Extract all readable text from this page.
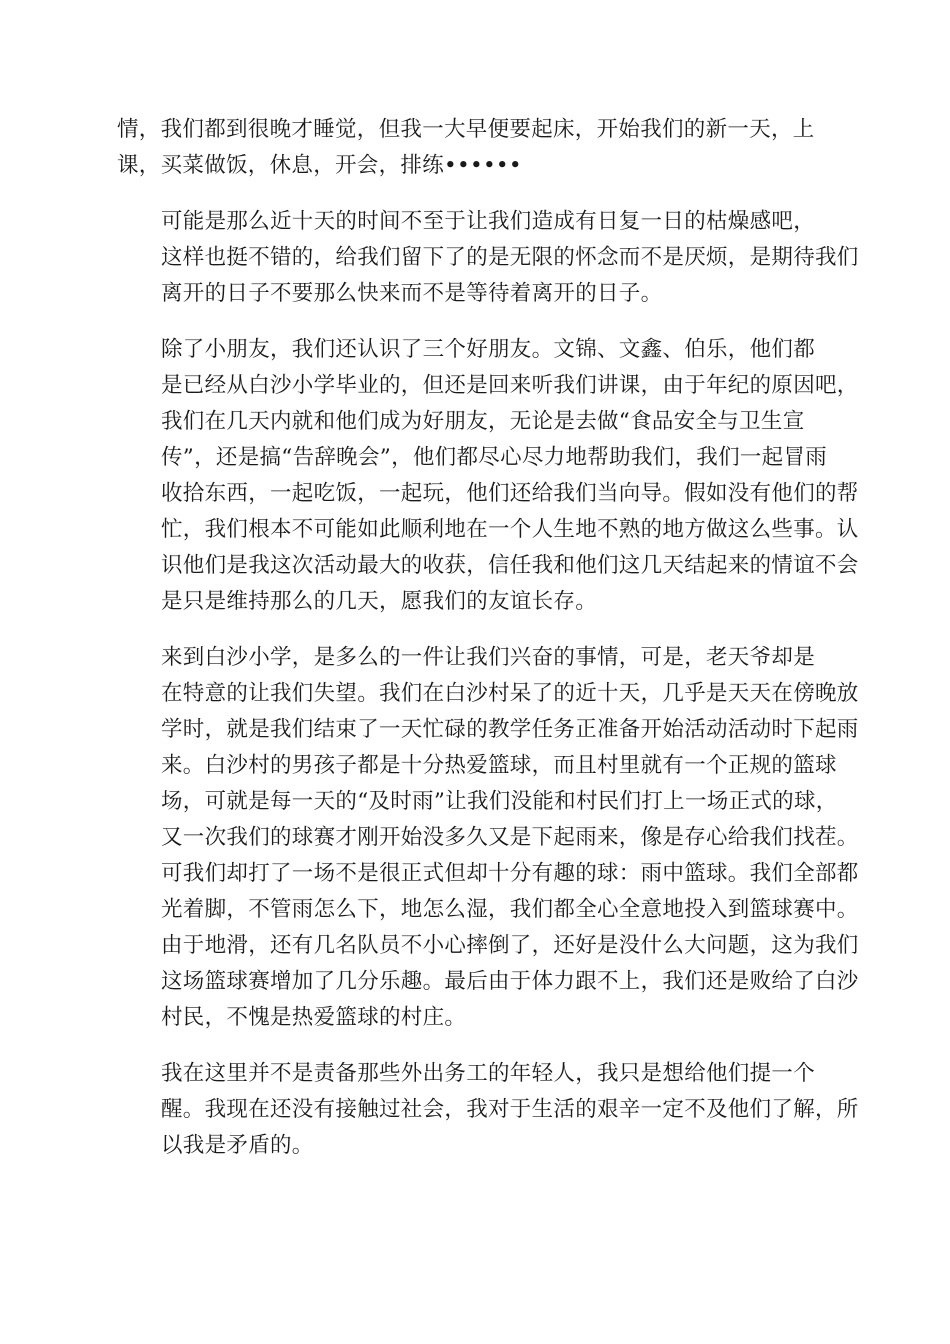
情，我们都到很晚才睡觉，但我一大早便要起床，开始我们的新一天，上
课，买菜做饭，休息，开会，排练••••••

可能是那么近十天的时间不至于让我们造成有日复一日的枯燥感吧，
这样也挺不错的，给我们留下了的是无限的怀念而不是厌烦，是期待我们
离开的日子不要那么快来而不是等待着离开的日子。

除了小朋友，我们还认识了三个好朋友。文锦、文鑫、伯乐，他们都
是已经从白沙小学毕业的，但还是回来听我们讲课，由于年纪的原因吧，
我们在几天内就和他们成为好朋友，无论是去做“食品安全与卫生宣
传”，还是搞“告辞晚会”，他们都尽心尽力地帮助我们，我们一起冒雨
收拾东西，一起吃饭，一起玩，他们还给我们当向导。假如没有他们的帮
忙，我们根本不可能如此顺利地在一个人生地不熟的地方做这么些事。认
识他们是我这次活动最大的收获，信任我和他们这几天结起来的情谊不会
是只是维持那么的几天，愿我们的友谊长存。

来到白沙小学，是多么的一件让我们兴奋的事情，可是，老天爷却是
在特意的让我们失望。我们在白沙村呆了的近十天，几乎是天天在傍晚放
学时，就是我们结束了一天忙碌的教学任务正准备开始活动活动时下起雨
来。白沙村的男孩子都是十分热爱篮球，而且村里就有一个正规的篮球
场，可就是每一天的“及时雨”让我们没能和村民们打上一场正式的球，
又一次我们的球赛才刚开始没多久又是下起雨来，像是存心给我们找茬。
可我们却打了一场不是很正式但却十分有趣的球：雨中篮球。我们全部都
光着脚，不管雨怎么下，地怎么湿，我们都全心全意地投入到篮球赛中。
由于地滑，还有几名队员不小心摔倒了，还好是没什么大问题，这为我们
这场篮球赛增加了几分乐趣。最后由于体力跟不上，我们还是败给了白沙
村民，不愧是热爱篮球的村庄。

我在这里并不是责备那些外出务工的年轻人，我只是想给他们提一个
醒。我现在还没有接触过社会，我对于生活的艰辛一定不及他们了解，所
以我是矛盾的。
